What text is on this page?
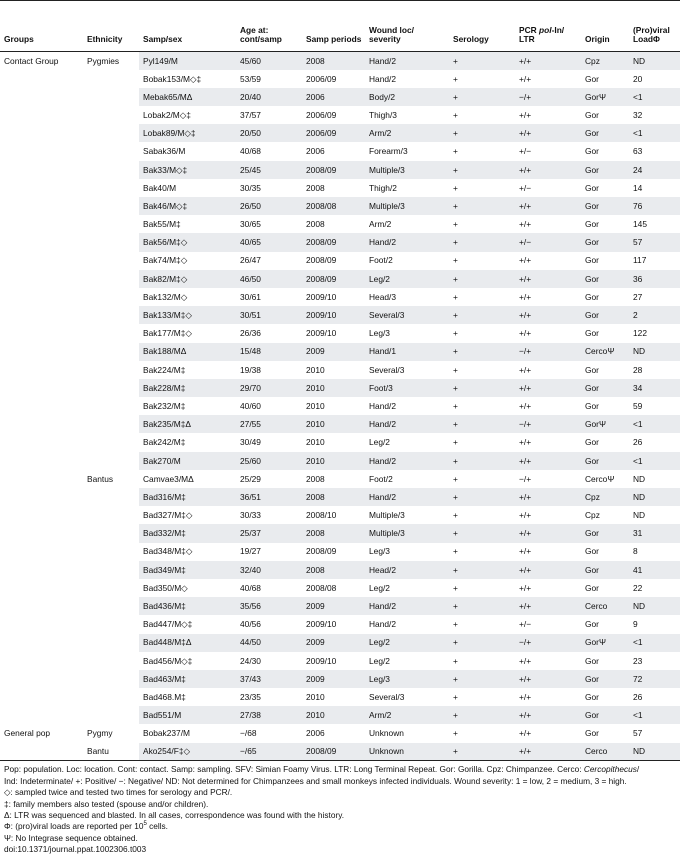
Groups	Ethnicity	Samp/sex	Age at: cont/samp	Samp periods	Wound loc/ severity	Serology	PCR pol-In/ LTR	Origin	(Pro)viral LoadΦ
Contact Group	Pygmies	Pyl149/M	45/60	2008	Hand/2	+	+/+	Cpz	ND
		Bobak153/M◇‡	53/59	2006/09	Hand/2	+	+/+	Gor	20
		Mebak65/MΔ	20/40	2006	Body/2	+	−/+	GorΨ	<1
		Lobak2/M◇‡	37/57	2006/09	Thigh/3	+	+/+	Gor	32
		Lobak89/M◇‡	20/50	2006/09	Arm/2	+	+/+	Gor	<1
		Sabak36/M	40/68	2006	Forearm/3	+	+/−	Gor	63
		Bak33/M◇‡	25/45	2008/09	Multiple/3	+	+/+	Gor	24
		Bak40/M	30/35	2008	Thigh/2	+	+/−	Gor	14
		Bak46/M◇‡	26/50	2008/08	Multiple/3	+	+/+	Gor	76
		Bak55/M‡	30/65	2008	Arm/2	+	+/+	Gor	145
		Bak56/M‡◇	40/65	2008/09	Hand/2	+	+/−	Gor	57
		Bak74/M‡◇	26/47	2008/09	Foot/2	+	+/+	Gor	117
		Bak82/M‡◇	46/50	2008/09	Leg/2	+	+/+	Gor	36
		Bak132/M◇	30/61	2009/10	Head/3	+	+/+	Gor	27
		Bak133/M‡◇	30/51	2009/10	Several/3	+	+/+	Gor	2
		Bak177/M‡◇	26/36	2009/10	Leg/3	+	+/+	Gor	122
		Bak188/MΔ	15/48	2009	Hand/1	+	−/+	CercoΨ	ND
		Bak224/M‡	19/38	2010	Several/3	+	+/+	Gor	28
		Bak228/M‡	29/70	2010	Foot/3	+	+/+	Gor	34
		Bak232/M‡	40/60	2010	Hand/2	+	+/+	Gor	59
		Bak235/M‡Δ	27/55	2010	Hand/2	+	−/+	GorΨ	<1
		Bak242/M‡	30/49	2010	Leg/2	+	+/+	Gor	26
		Bak270/M	25/60	2010	Hand/2	+	+/+	Gor	<1
	Bantus	Camvae3/MΔ	25/29	2008	Foot/2	+	−/+	CercoΨ	ND
		Bad316/M‡	36/51	2008	Hand/2	+	+/+	Cpz	ND
		Bad327/M‡◇	30/33	2008/10	Multiple/3	+	+/+	Cpz	ND
		Bad332/M‡	25/37	2008	Multiple/3	+	+/+	Gor	31
		Bad348/M‡◇	19/27	2008/09	Leg/3	+	+/+	Gor	8
		Bad349/M‡	32/40	2008	Head/2	+	+/+	Gor	41
		Bad350/M◇	40/68	2008/08	Leg/2	+	+/+	Gor	22
		Bad436/M‡	35/56	2009	Hand/2	+	+/+	Cerco	ND
		Bad447/M◇‡	40/56	2009/10	Hand/2	+	+/−	Gor	9
		Bad448/M‡Δ	44/50	2009	Leg/2	+	−/+	GorΨ	<1
		Bad456/M◇‡	24/30	2009/10	Leg/2	+	+/+	Gor	23
		Bad463/M‡	37/43	2009	Leg/3	+	+/+	Gor	72
		Bad468.M‡	23/35	2010	Several/3	+	+/+	Gor	26
		Bad551/M	27/38	2010	Arm/2	+	+/+	Gor	<1
General pop	Pygmy	Bobak237/M	−/68	2006	Unknown	+	+/+	Gor	57
	Bantu	Ako254/F‡◇	−/65	2008/09	Unknown	+	+/+	Cerco	ND

Pop: population. Loc: location. Cont: contact. Samp: sampling. SFV: Simian Foamy Virus. LTR: Long Terminal Repeat. Gor: Gorilla. Cpz: Chimpanzee. Cerco: Cercopithecus/ Ind: Indeterminate/ +: Positive/ −: Negative/ ND: Not determined for Chimpanzees and small monkeys infected individuals. Wound severity: 1 = low, 2 = medium, 3 = high.

◇: sampled twice and tested two times for serology and PCR/.

‡: family members also tested (spouse and/or children).

Δ: LTR was sequenced and blasted. In all cases, correspondence was found with the history.

Φ: (pro)viral loads are reported per $10^5$ cells.

Ψ: No Integrase sequence obtained.

doi:10.1371/journal.ppat.1002306.t003
